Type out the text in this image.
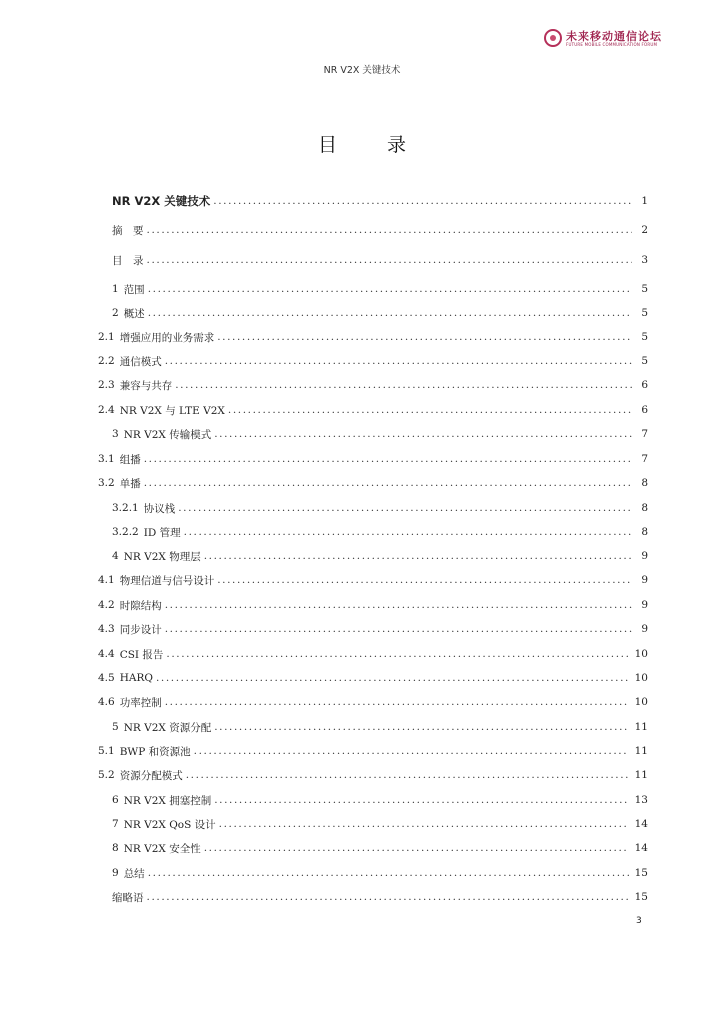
未来移动通信论坛
FUTURE MOBILE COMMUNICATION FORUM
NR V2X 关键技术
目 录
NR V2X 关键技术 .....	1
摘　要 .....	2
目　录 .....	3
1 范围 .....	5
2 概述 .....	5
2.1 增强应用的业务需求 .....	5
2.2 通信模式 .....	5
2.3 兼容与共存 .....	6
2.4 NR V2X 与 LTE V2X .....	6
3 NR V2X 传输模式 .....	7
3.1 组播 .....	7
3.2 单播 .....	8
3.2.1 协议栈 .....	8
3.2.2 ID 管理 .....	8
4 NR V2X 物理层 .....	9
4.1 物理信道与信号设计 .....	9
4.2 时隙结构 .....	9
4.3 同步设计 .....	9
4.4 CSI 报告 .....	10
4.5 HARQ .....	10
4.6 功率控制 .....	10
5 NR V2X 资源分配 .....	11
5.1 BWP 和资源池 .....	11
5.2 资源分配模式 .....	11
6 NR V2X 拥塞控制 .....	13
7 NR V2X QoS 设计 .....	14
8 NR V2X 安全性 .....	14
9 总结 .....	15
缩略语 .....	15
3
